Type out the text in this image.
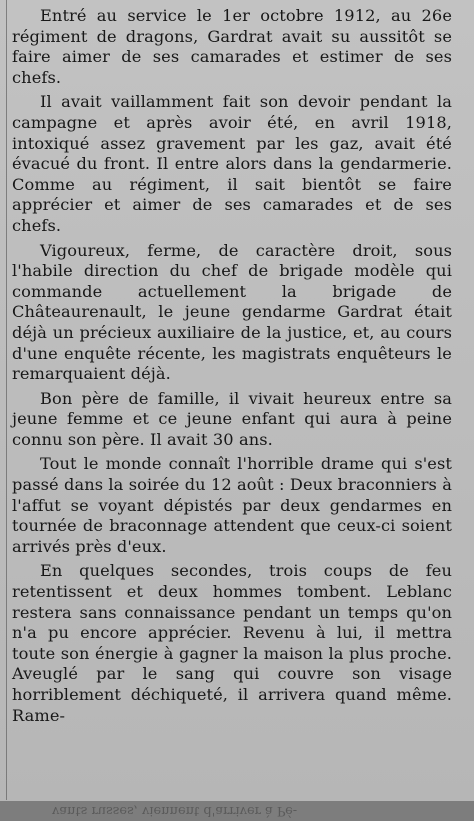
Entré au service le 1er octobre 1912, au 26e régiment de dragons, Gardrat avait su aussitôt se faire aimer de ses camarades et estimer de ses chefs.

Il avait vaillamment fait son devoir pendant la campagne et après avoir été, en avril 1918, intoxiqué assez gravement par les gaz, avait été évacué du front. Il entre alors dans la gendarmerie. Comme au régiment, il sait bientôt se faire apprécier et aimer de ses camarades et de ses chefs.

Vigoureux, ferme, de caractère droit, sous l'habile direction du chef de brigade modèle qui commande actuellement la brigade de Châteaurenault, le jeune gendarme Gardrat était déjà un précieux auxiliaire de la justice, et, au cours d'une enquête récente, les magistrats enquêteurs le remarquaient déjà.

Bon père de famille, il vivait heureux entre sa jeune femme et ce jeune enfant qui aura à peine connu son père. Il avait 30 ans.

Tout le monde connaît l'horrible drame qui s'est passé dans la soirée du 12 août : Deux braconniers à l'affut se voyant dépistés par deux gendarmes en tournée de braconnage attendent que ceux-ci soient arrivés près d'eux.

En quelques secondes, trois coups de feu retentissent et deux hommes tombent. Leblanc restera sans connaissance pendant un temps qu'on n'a pu encore apprécier. Revenu à lui, il mettra toute son énergie à gagner la maison la plus proche. Aveuglé par le sang qui couvre son visage horriblement déchiqueté, il arrivera quand même. Rame-

vants russes, viennent d'arriver à Pé-
